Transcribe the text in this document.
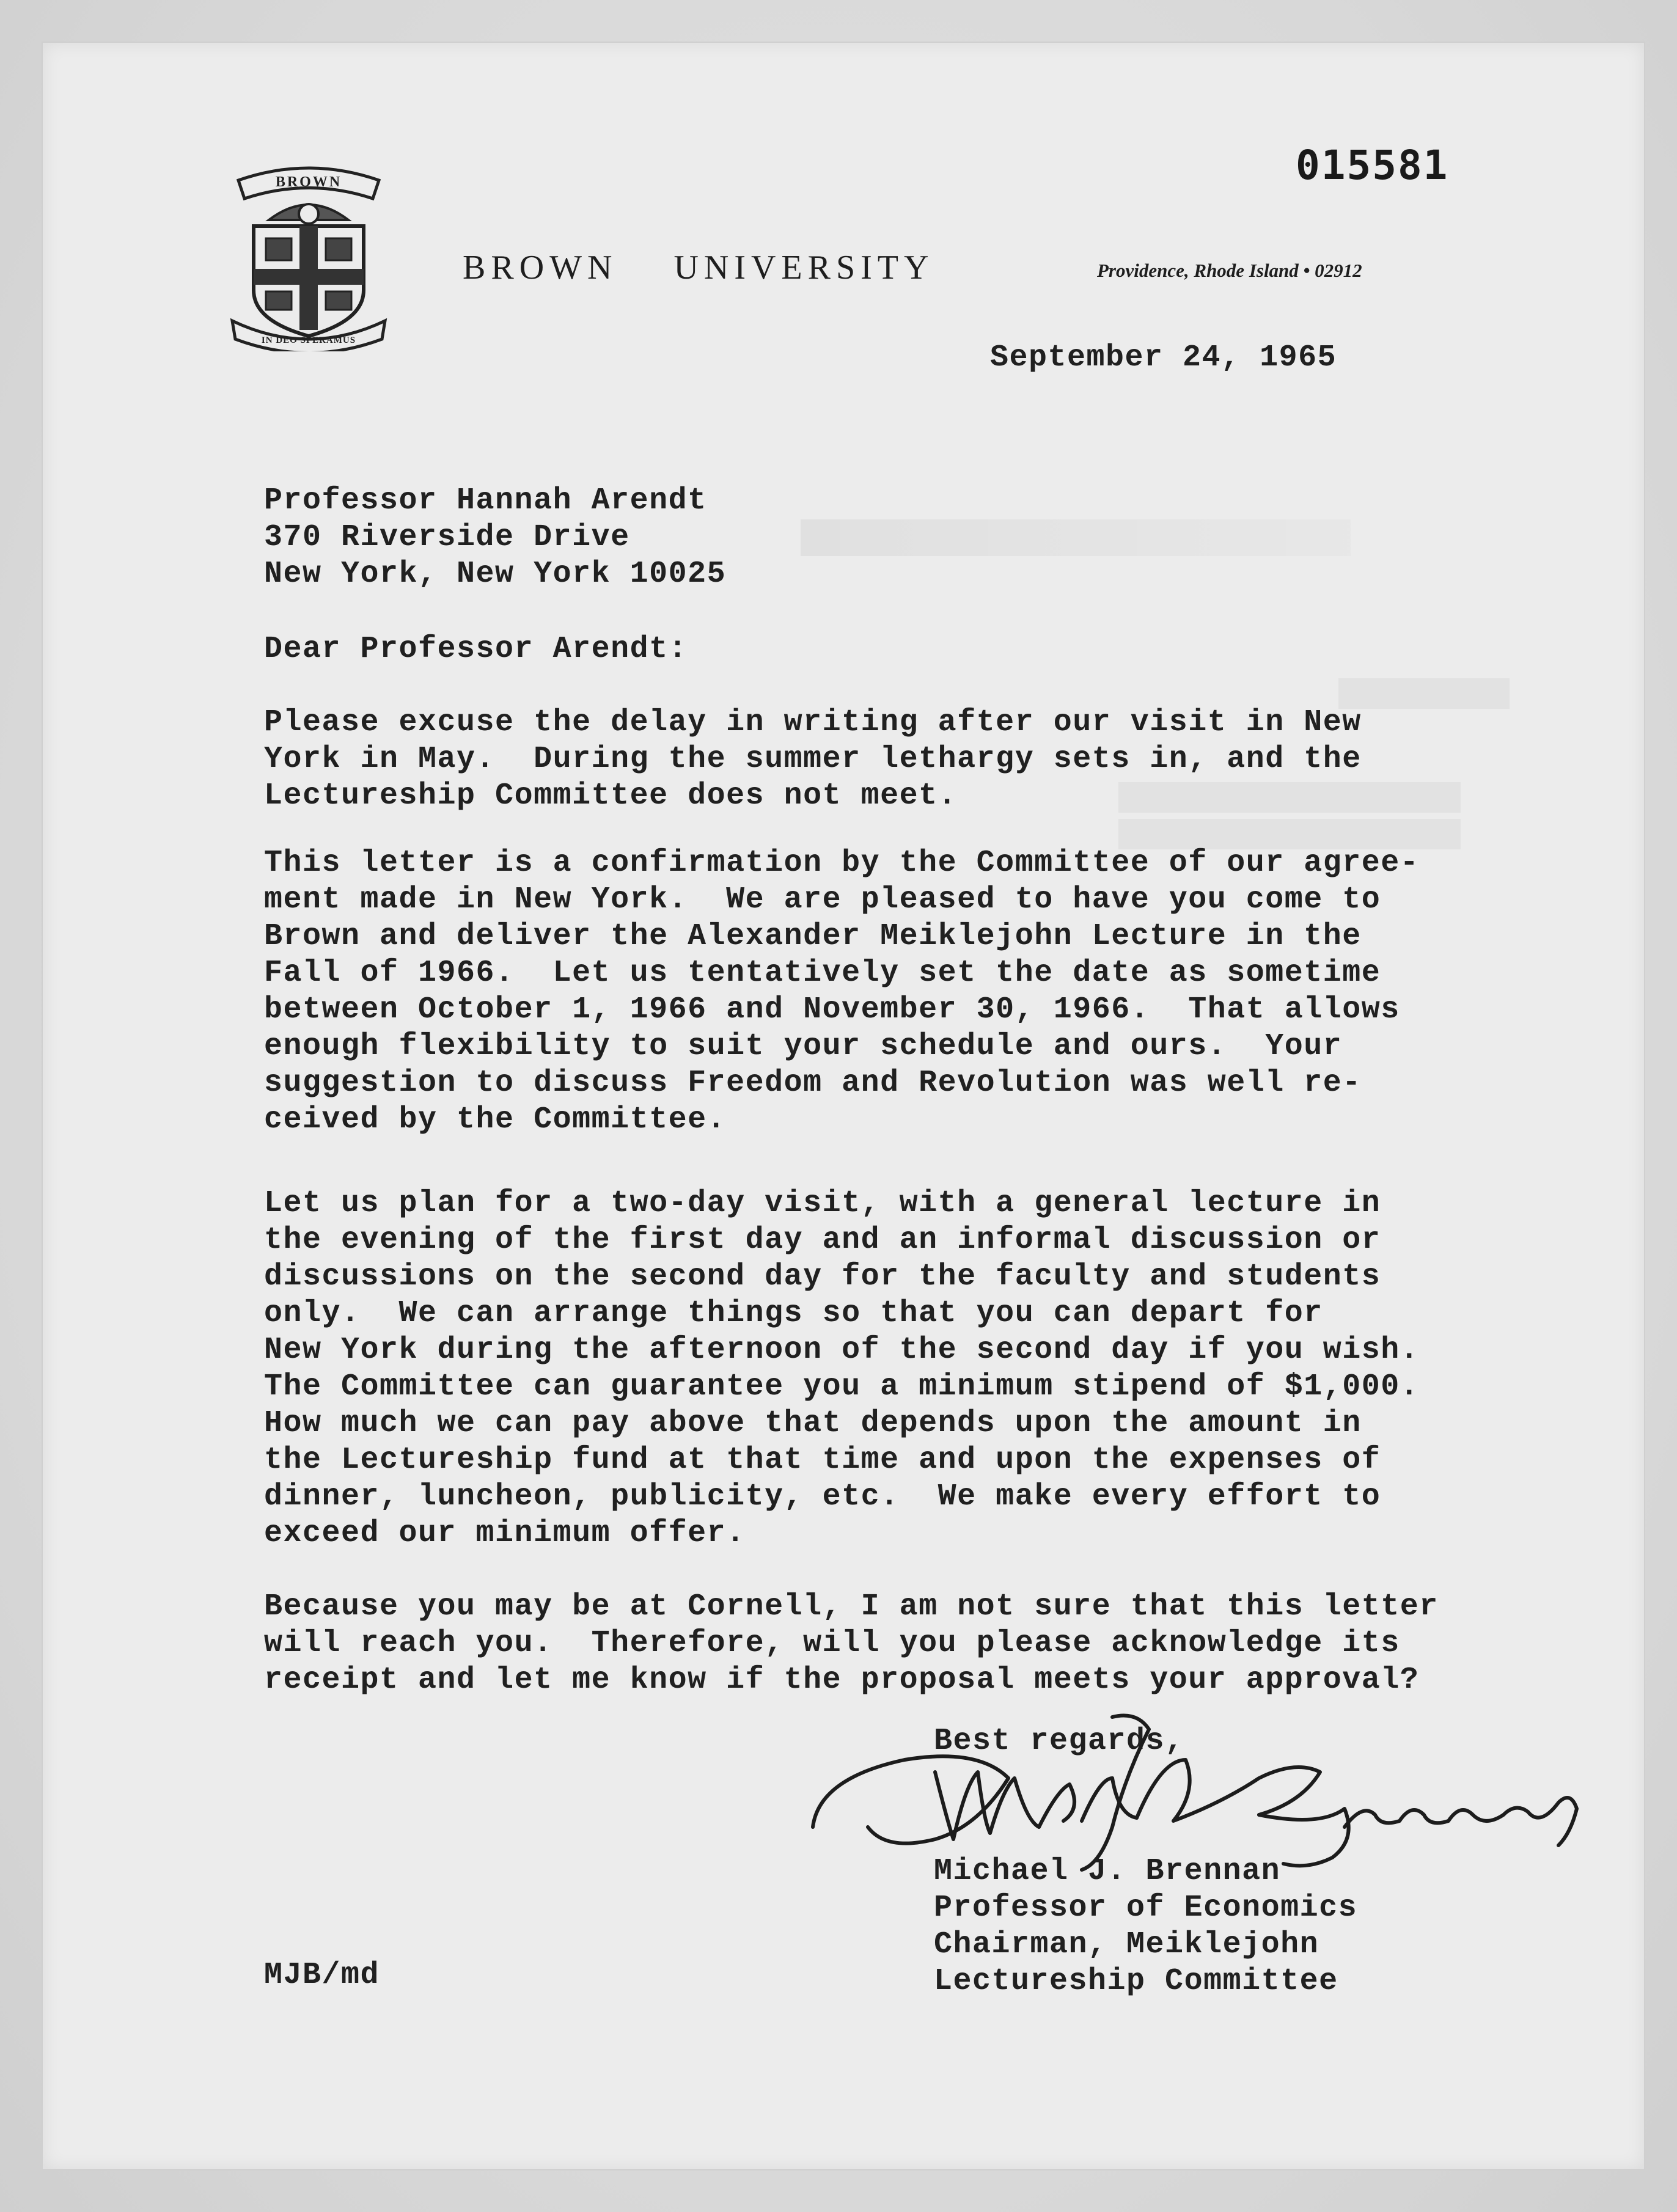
015581
BROWN
IN DEO SPERAMUS
BROWN    UNIVERSITY	Providence, Rhode Island • 02912
September 24, 1965
Professor Hannah Arendt
370 Riverside Drive
New York, New York 10025
Dear Professor Arendt:
Please excuse the delay in writing after our visit in New
York in May.  During the summer lethargy sets in, and the
Lectureship Committee does not meet.
This letter is a confirmation by the Committee of our agree-
ment made in New York.  We are pleased to have you come to
Brown and deliver the Alexander Meiklejohn Lecture in the
Fall of 1966.  Let us tentatively set the date as sometime
between October 1, 1966 and November 30, 1966.  That allows
enough flexibility to suit your schedule and ours.  Your
suggestion to discuss Freedom and Revolution was well re-
ceived by the Committee.
Let us plan for a two-day visit, with a general lecture in
the evening of the first day and an informal discussion or
discussions on the second day for the faculty and students
only.  We can arrange things so that you can depart for
New York during the afternoon of the second day if you wish.
The Committee can guarantee you a minimum stipend of $1,000.
How much we can pay above that depends upon the amount in
the Lectureship fund at that time and upon the expenses of
dinner, luncheon, publicity, etc.  We make every effort to
exceed our minimum offer.
Because you may be at Cornell, I am not sure that this letter
will reach you.  Therefore, will you please acknowledge its
receipt and let me know if the proposal meets your approval?
Best regards,
Michael J. Brennan
Professor of Economics
Chairman, Meiklejohn
Lectureship Committee
MJB/md
